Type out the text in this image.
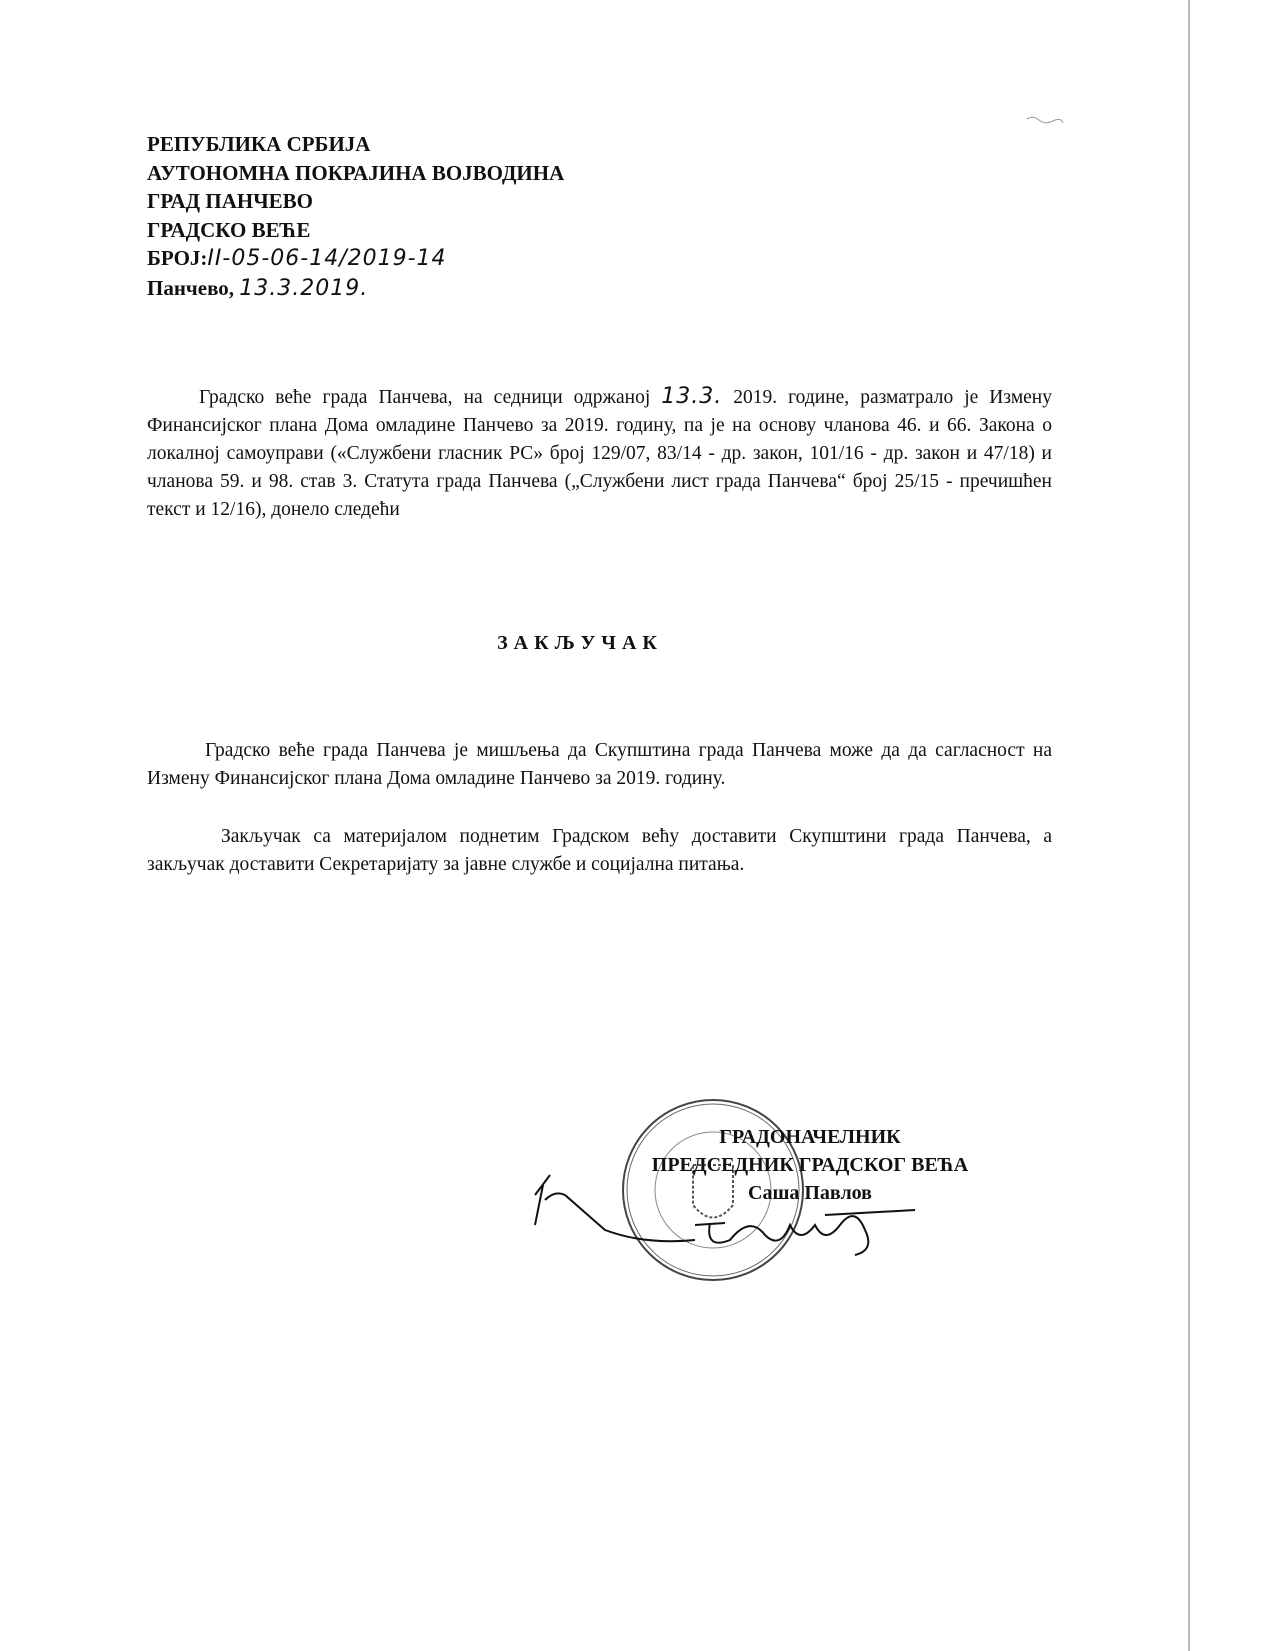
РЕПУБЛИКА СРБИЈА
АУТОНОМНА ПОКРАЈИНА ВОЈВОДИНА
ГРАД ПАНЧЕВО
ГРАДСКО ВЕЋЕ
БРОЈ:II-05-06-14/2019-14
Панчево, 13.3.2019.
Градско веће града Панчева, на седници одржаној 13.3. 2019. године, разматрало је Измену Финансијског плана Дома омладине Панчево за 2019. годину, па је на основу чланова 46. и 66. Закона о локалној самоуправи («Службени гласник РС» број 129/07, 83/14 - др. закон, 101/16 - др. закон и 47/18) и чланова 59. и 98. став 3. Статута града Панчева („Службени лист града Панчева“ број 25/15 - пречишћен текст и 12/16), донело следећи
ЗАКЉУЧАК
Градско веће града Панчева је мишљења да Скупштина града Панчева може да да сагласност на Измену Финансијског плана Дома омладине Панчево за 2019. годину.
Закључак са материјалом поднетим Градском већу доставити Скупштини града Панчева, а закључак доставити Секретаријату за јавне службе и социјална питања.
ГРАДОНАЧЕЛНИК
ПРЕДСЕДНИК ГРАДСКОГ ВЕЋА
Саша Павлов
